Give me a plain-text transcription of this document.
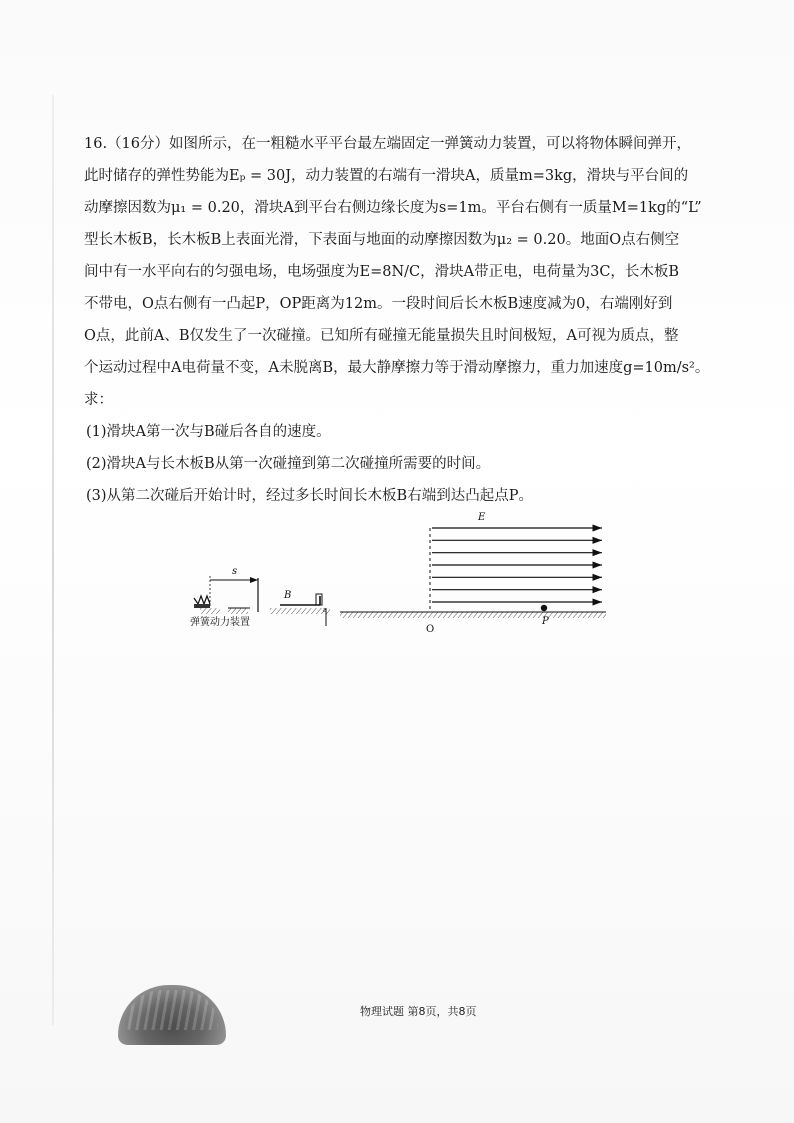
16.（16分）如图所示，在一粗糙水平平台最左端固定一弹簧动力装置，可以将物体瞬间弹开，

此时储存的弹性势能为Eₚ = 30J，动力装置的右端有一滑块A，质量m=3kg，滑块与平台间的

动摩擦因数为μ₁ = 0.20，滑块A到平台右侧边缘长度为s=1m。平台右侧有一质量M=1kg的“L”

型长木板B，长木板B上表面光滑，下表面与地面的动摩擦因数为μ₂ = 0.20。地面O点右侧空

间中有一水平向右的匀强电场，电场强度为E=8N/C，滑块A带正电，电荷量为3C，长木板B

不带电，O点右侧有一凸起P，OP距离为12m。一段时间后长木板B速度减为0，右端刚好到

O点，此前A、B仅发生了一次碰撞。已知所有碰撞无能量损失且时间极短，A可视为质点，整

个运动过程中A电荷量不变，A未脱离B，最大静摩擦力等于滑动摩擦力，重力加速度g=10m/s²。

求：

(1)滑块A第一次与B碰后各自的速度。

(2)滑块A与长木板B从第一次碰撞到第二次碰撞所需要的时间。

(3)从第二次碰后开始计时，经过多长时间长木板B右端到达凸起点P。

弹簧动力装置
s
B
ε
O
E
P
物理试题 第8页，共8页
